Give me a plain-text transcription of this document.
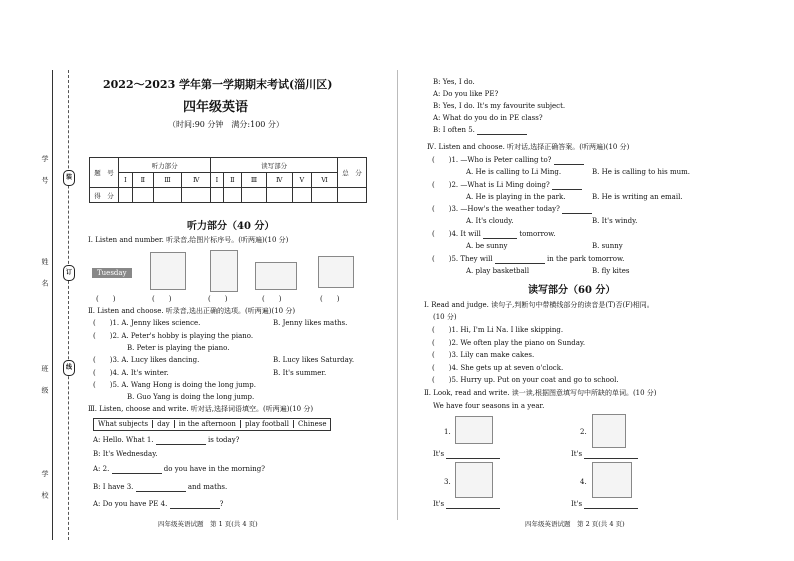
学 号
姓 名
班 级
学 校
装
订
线
2022～2023 学年第一学期期末考试(淄川区)
四年级英语
（时间:90 分钟　满分:100 分）
题　号	听力部分				读写部分						总　分
	Ⅰ	Ⅱ	Ⅲ	Ⅳ	Ⅰ	Ⅱ	Ⅲ	Ⅳ	Ⅴ	Ⅵ	
得　分											
听力部分（40 分）
Ⅰ. Listen and number. 听录音,给图片标序号。(听两遍)(10 分)
Tuesday
(　　)	(　　)	(　　)	(　　)	(　　)
Ⅱ. Listen and choose. 听录音,选出正确的选项。(听两遍)(10 分)
(　　)1. A. Jenny likes science.	B. Jenny likes maths.
(　　)2. A. Peter's hobby is playing the piano.
B. Peter is playing the piano.
(　　)3. A. Lucy likes dancing.	B. Lucy likes Saturday.
(　　)4. A. It's winter.	B. It's summer.
(　　)5. A. Wang Hong is doing the long jump.
B. Guo Yang is doing the long jump.
Ⅲ. Listen, choose and write. 听对话,选择词语填空。(听两遍)(10 分)
What subjects day in the afternoon play football Chinese
A: Hello. What 1.	is today?
B: It's Wednesday.
A: 2.	do you have in the morning?
B: I have 3.	and maths.
A: Do you have PE 4.	?
四年级英语试题　第 1 页(共 4 页)
B: Yes, I do.
A: Do you like PE?
B: Yes, I do. It's my favourite subject.
A: What do you do in PE class?
B: I often 5.
Ⅳ. Listen and choose. 听对话,选择正确答案。(听两遍)(10 分)
(　　)1. —Who is Peter calling to?
A. He is calling to Li Ming.	B. He is calling to his mum.
(　　)2. —What is Li Ming doing?
A. He is playing in the park.	B. He is writing an email.
(　　)3. —How's the weather today?
A. It's cloudy.	B. It's windy.
(　　)4. It will	tomorrow.
A. be sunny	B. sunny
(　　)5. They will	in the park tomorrow.
A. play basketball	B. fly kites
读写部分（60 分）
Ⅰ. Read and judge. 读句子,判断句中带横线部分的读音是(T)否(F)相同。
(10 分)
(　　)1. Hi, I'm Li Na. I like skipping.
(　　)2. We often play the piano on Sunday.
(　　)3. Lily can make cakes.
(　　)4. She gets up at seven o'clock.
(　　)5. Hurry up. Put on your coat and go to school.
Ⅱ. Look, read and write. 读一读,根据图意填写句中所缺的单词。(10 分)
We have four seasons in a year.
1.	2.
It's	It's
3.	4.
It's	It's
四年级英语试题　第 2 页(共 4 页)
